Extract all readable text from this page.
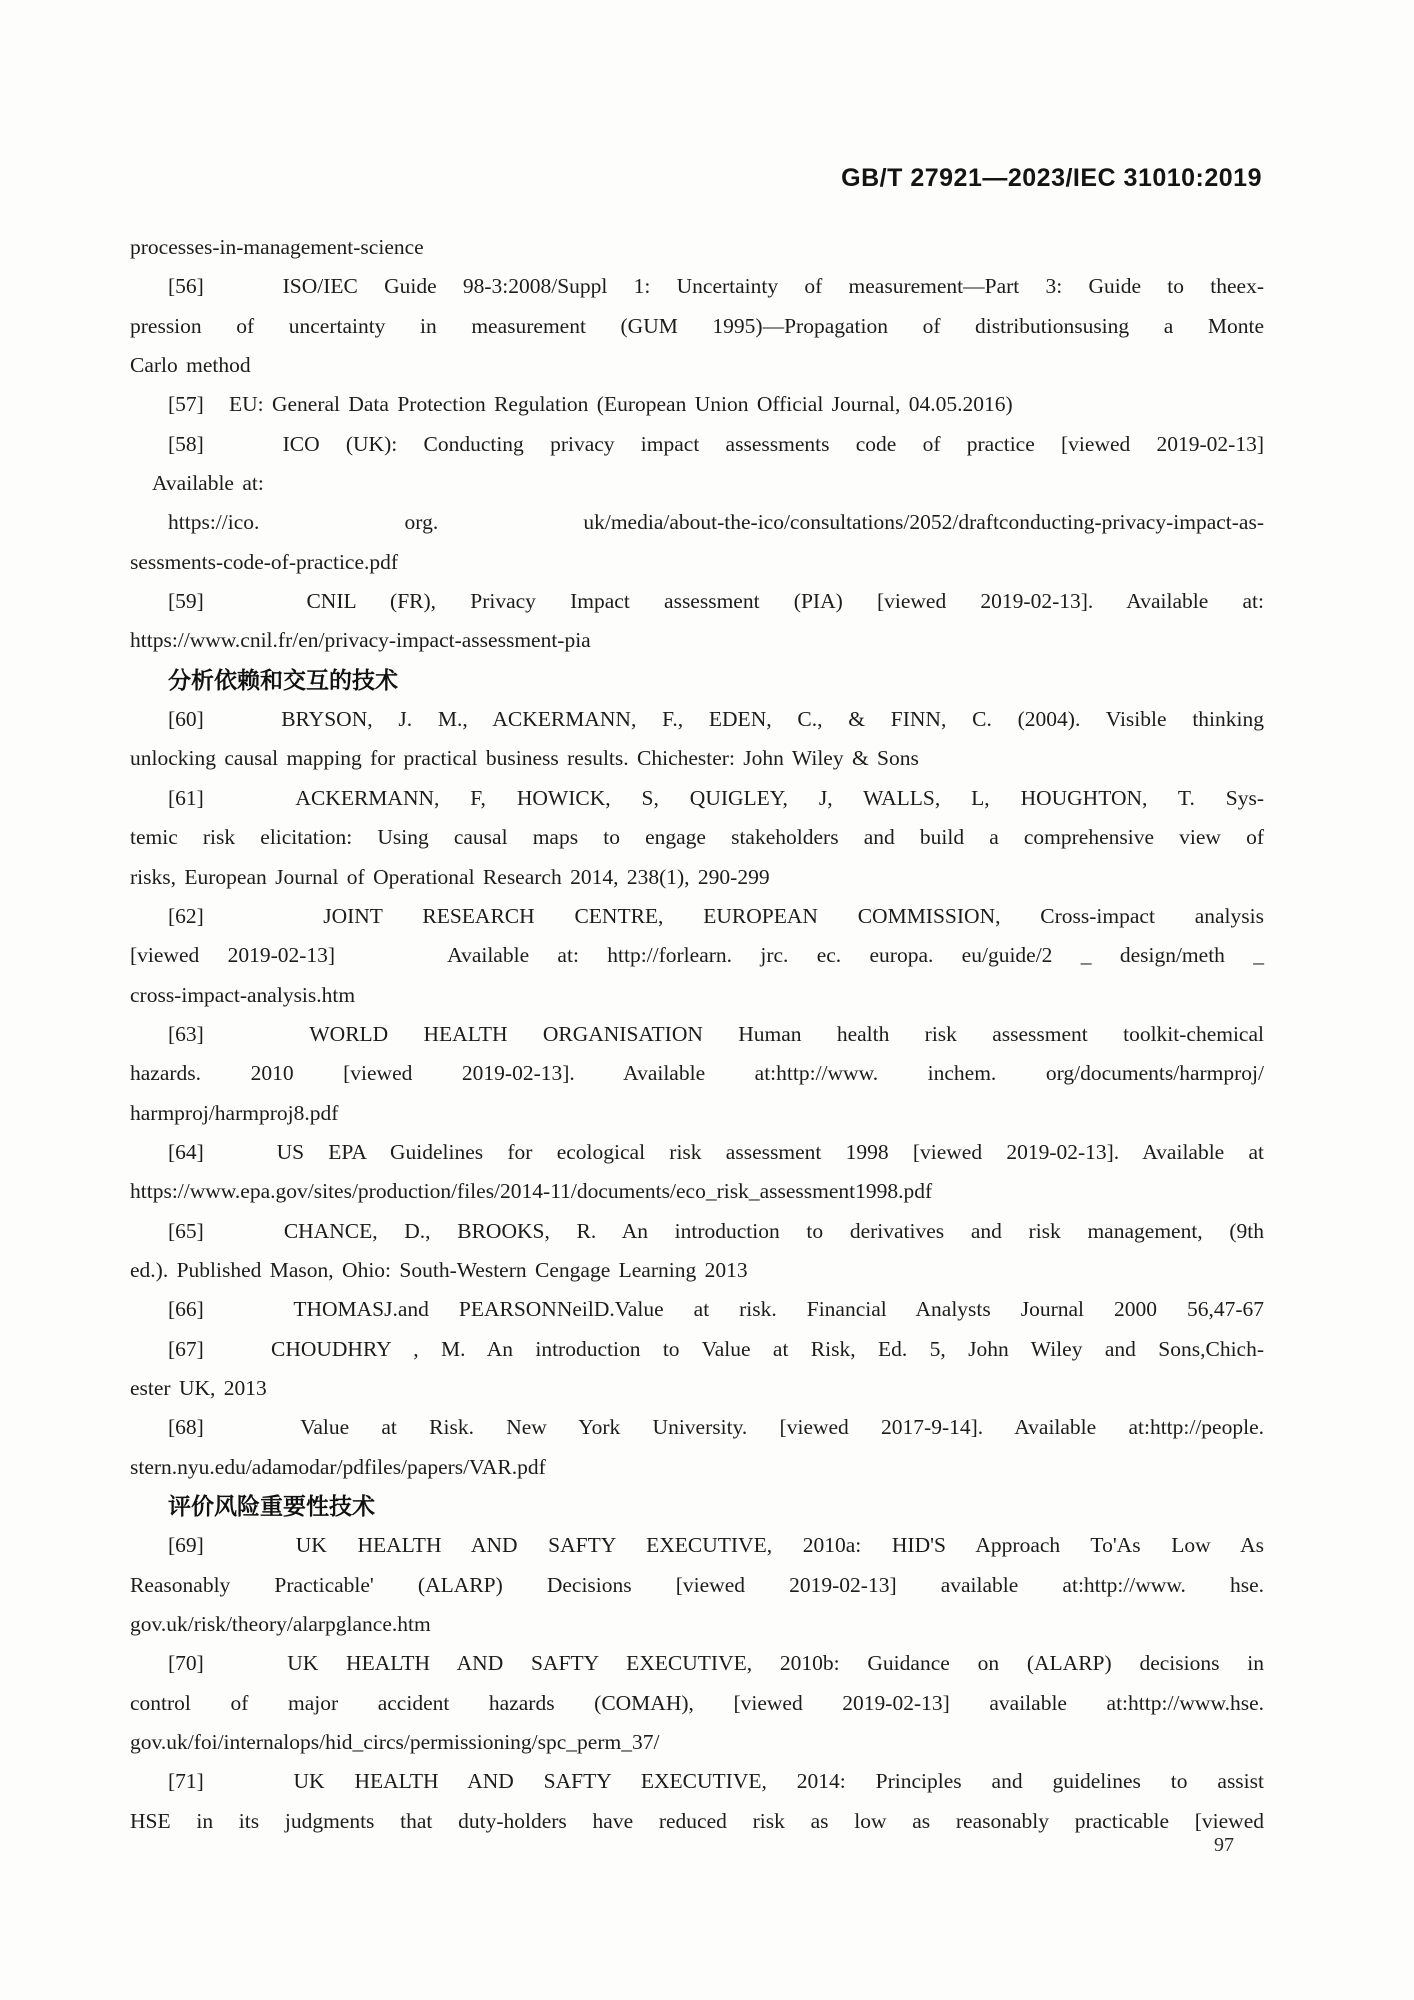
GB/T 27921—2023/IEC 31010:2019
processes-in-management-science
[56]   ISO/IEC Guide 98-3:2008/Suppl 1: Uncertainty of measurement—Part 3: Guide to theex-
pression of uncertainty in measurement (GUM 1995)—Propagation of distributionsusing a Monte
Carlo method
[57]   EU: General Data Protection Regulation (European Union Official Journal, 04.05.2016)
[58]   ICO (UK): Conducting privacy impact assessments code of practice [viewed 2019-02-13]
Available at:
https://ico. org. uk/media/about-the-ico/consultations/2052/draftconducting-privacy-impact-as-
sessments-code-of-practice.pdf
[59]   CNIL (FR), Privacy Impact assessment (PIA) [viewed 2019-02-13]. Available at:
https://www.cnil.fr/en/privacy-impact-assessment-pia
分析依赖和交互的技术
[60]   BRYSON, J. M., ACKERMANN, F., EDEN, C., & FINN, C. (2004). Visible thinking
unlocking causal mapping for practical business results. Chichester: John Wiley & Sons
[61]   ACKERMANN, F, HOWICK, S, QUIGLEY, J, WALLS, L, HOUGHTON, T. Sys-
temic risk elicitation: Using causal maps to engage stakeholders and build a comprehensive view of
risks, European Journal of Operational Research 2014, 238(1), 290-299
[62]   JOINT RESEARCH CENTRE, EUROPEAN COMMISSION, Cross-impact analysis
[viewed 2019-02-13]    Available at: http://forlearn. jrc. ec. europa. eu/guide/2 _ design/meth _
cross-impact-analysis.htm
[63]   WORLD HEALTH ORGANISATION Human health risk assessment toolkit-chemical
hazards. 2010 [viewed 2019-02-13]. Available at:http://www. inchem. org/documents/harmproj/
harmproj/harmproj8.pdf
[64]   US EPA Guidelines for ecological risk assessment 1998 [viewed 2019-02-13]. Available at
https://www.epa.gov/sites/production/files/2014-11/documents/eco_risk_assessment1998.pdf
[65]   CHANCE, D., BROOKS, R. An introduction to derivatives and risk management, (9th
ed.). Published Mason, Ohio: South-Western Cengage Learning 2013
[66]   THOMASJ.and PEARSONNeilD.Value at risk. Financial Analysts Journal 2000 56,47-67
[67]   CHOUDHRY , M. An introduction to Value at Risk, Ed. 5, John Wiley and Sons,Chich-
ester UK, 2013
[68]   Value at Risk. New York University. [viewed 2017-9-14]. Available at:http://people.
stern.nyu.edu/adamodar/pdfiles/papers/VAR.pdf
评价风险重要性技术
[69]   UK HEALTH AND SAFTY EXECUTIVE, 2010a: HID'S Approach To'As Low As
Reasonably Practicable' (ALARP) Decisions [viewed 2019-02-13] available at:http://www. hse.
gov.uk/risk/theory/alarpglance.htm
[70]   UK HEALTH AND SAFTY EXECUTIVE, 2010b: Guidance on (ALARP) decisions in
control of major accident hazards (COMAH), [viewed 2019-02-13] available at:http://www.hse.
gov.uk/foi/internalops/hid_circs/permissioning/spc_perm_37/
[71]   UK HEALTH AND SAFTY EXECUTIVE, 2014: Principles and guidelines to assist
HSE in its judgments that duty-holders have reduced risk as low as reasonably practicable [viewed
97
